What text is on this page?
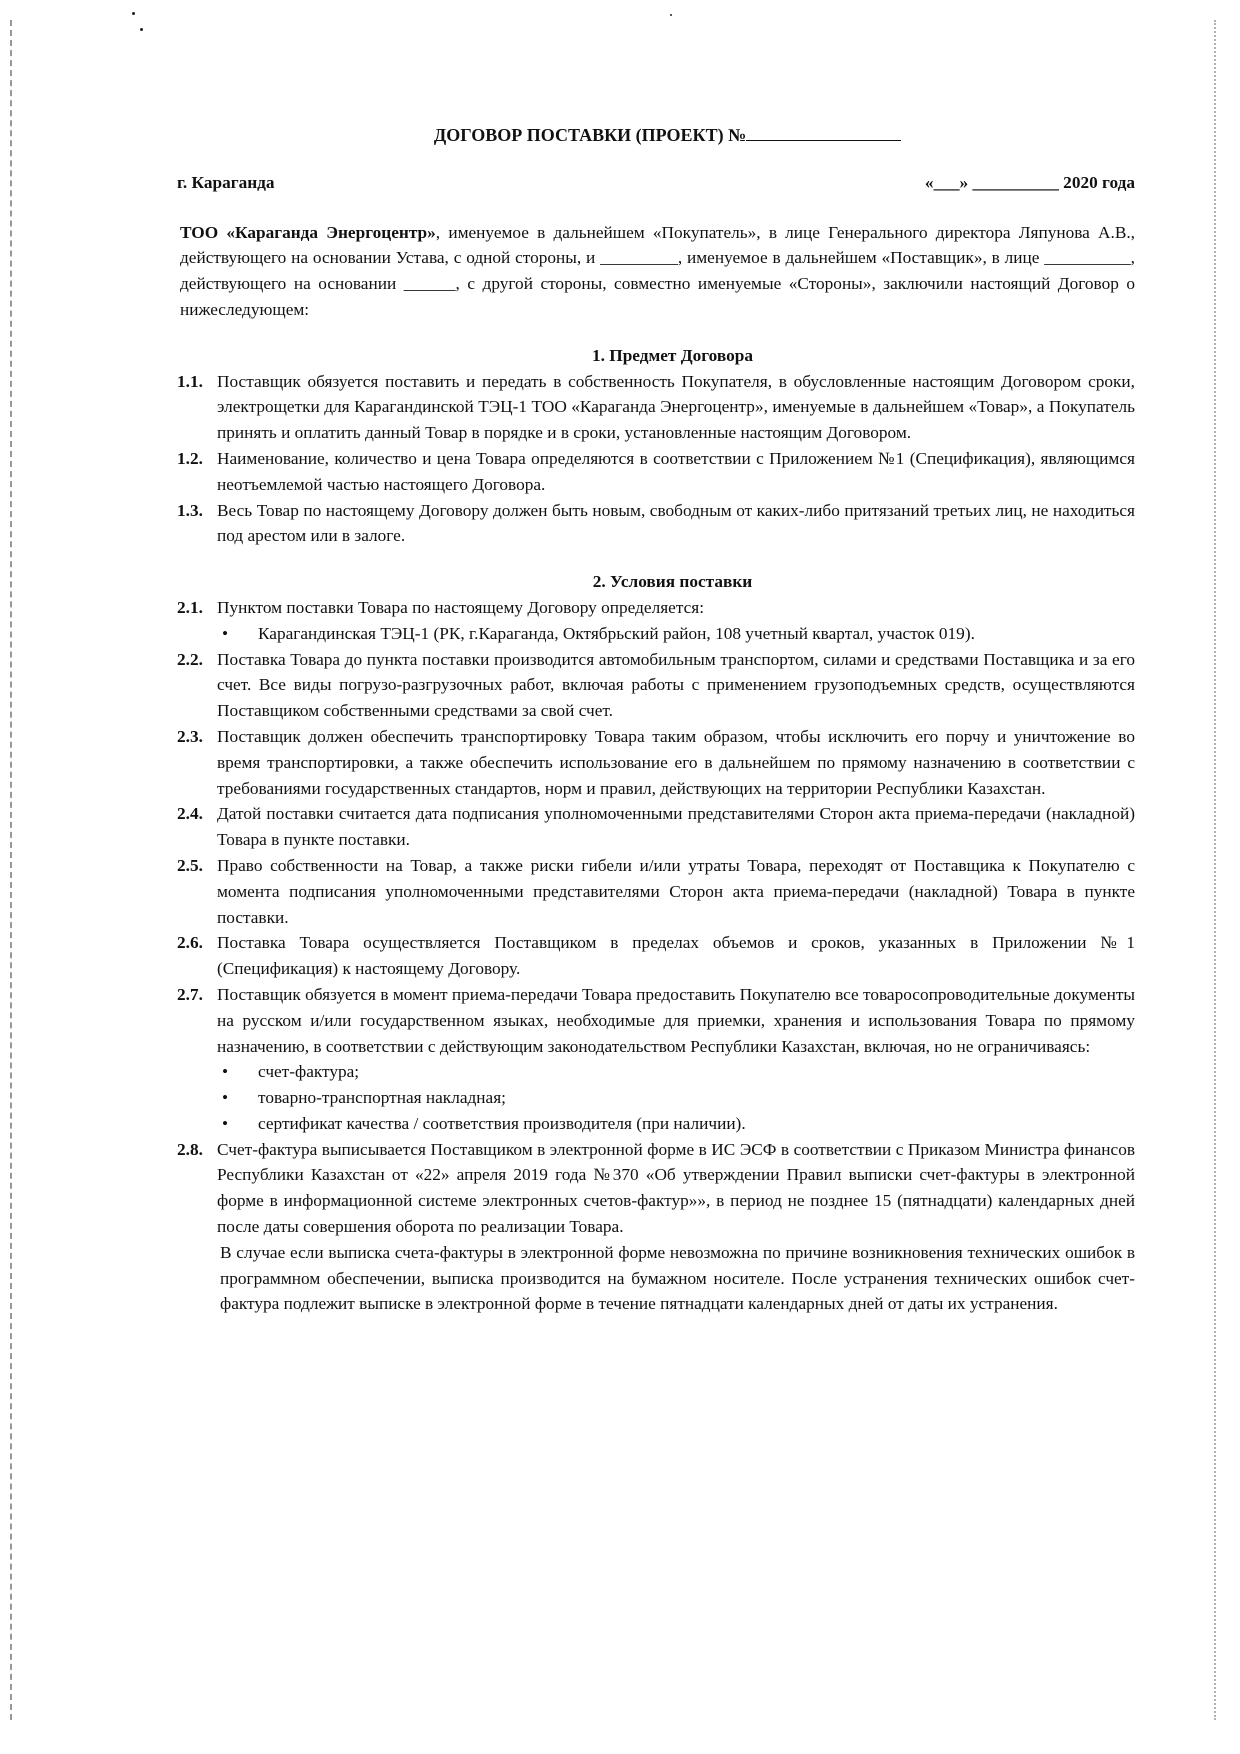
ДОГОВОР ПОСТАВКИ (ПРОЕКТ) №
г. Караганда	«___» __________ 2020 года
ТОО «Караганда Энергоцентр», именуемое в дальнейшем «Покупатель», в лице Генерального директора Ляпунова А.В., действующего на основании Устава, с одной стороны, и _________, именуемое в дальнейшем «Поставщик», в лице __________, действующего на основании ______, с другой стороны, совместно именуемые «Стороны», заключили настоящий Договор о нижеследующем:
1. Предмет Договора
1.1. Поставщик обязуется поставить и передать в собственность Покупателя, в обусловленные настоящим Договором сроки, электрощетки для Карагандинской ТЭЦ-1 ТОО «Караганда Энергоцентр», именуемые в дальнейшем «Товар», а Покупатель принять и оплатить данный Товар в порядке и в сроки, установленные настоящим Договором.
1.2. Наименование, количество и цена Товара определяются в соответствии с Приложением №1 (Спецификация), являющимся неотъемлемой частью настоящего Договора.
1.3. Весь Товар по настоящему Договору должен быть новым, свободным от каких-либо притязаний третьих лиц, не находиться под арестом или в залоге.
2. Условия поставки
2.1. Пунктом поставки Товара по настоящему Договору определяется:
•	Карагандинская ТЭЦ-1 (РК, г.Караганда, Октябрьский район, 108 учетный квартал, участок 019).
2.2. Поставка Товара до пункта поставки производится автомобильным транспортом, силами и средствами Поставщика и за его счет. Все виды погрузо-разгрузочных работ, включая работы с применением грузоподъемных средств, осуществляются Поставщиком собственными средствами за свой счет.
2.3. Поставщик должен обеспечить транспортировку Товара таким образом, чтобы исключить его порчу и уничтожение во время транспортировки, а также обеспечить использование его в дальнейшем по прямому назначению в соответствии с требованиями государственных стандартов, норм и правил, действующих на территории Республики Казахстан.
2.4. Датой поставки считается дата подписания уполномоченными представителями Сторон акта приема-передачи (накладной) Товара в пункте поставки.
2.5. Право собственности на Товар, а также риски гибели и/или утраты Товара, переходят от Поставщика к Покупателю с момента подписания уполномоченными представителями Сторон акта приема-передачи (накладной) Товара в пункте поставки.
2.6. Поставка Товара осуществляется Поставщиком в пределах объемов и сроков, указанных в Приложении №1 (Спецификация) к настоящему Договору.
2.7. Поставщик обязуется в момент приема-передачи Товара предоставить Покупателю все товаросопроводительные документы на русском и/или государственном языках, необходимые для приемки, хранения и использования Товара по прямому назначению, в соответствии с действующим законодательством Республики Казахстан, включая, но не ограничиваясь:
•	счет-фактура;
•	товарно-транспортная накладная;
•	сертификат качества / соответствия производителя (при наличии).
2.8. Счет-фактура выписывается Поставщиком в электронной форме в ИС ЭСФ в соответствии с Приказом Министра финансов Республики Казахстан от «22» апреля 2019 года №370 «Об утверждении Правил выписки счет-фактуры в электронной форме в информационной системе электронных счетов-фактур»», в период не позднее 15 (пятнадцати) календарных дней после даты совершения оборота по реализации Товара.
В случае если выписка счета-фактуры в электронной форме невозможна по причине возникновения технических ошибок в программном обеспечении, выписка производится на бумажном носителе. После устранения технических ошибок счет-фактура подлежит выписке в электронной форме в течение пятнадцати календарных дней от даты их устранения.
